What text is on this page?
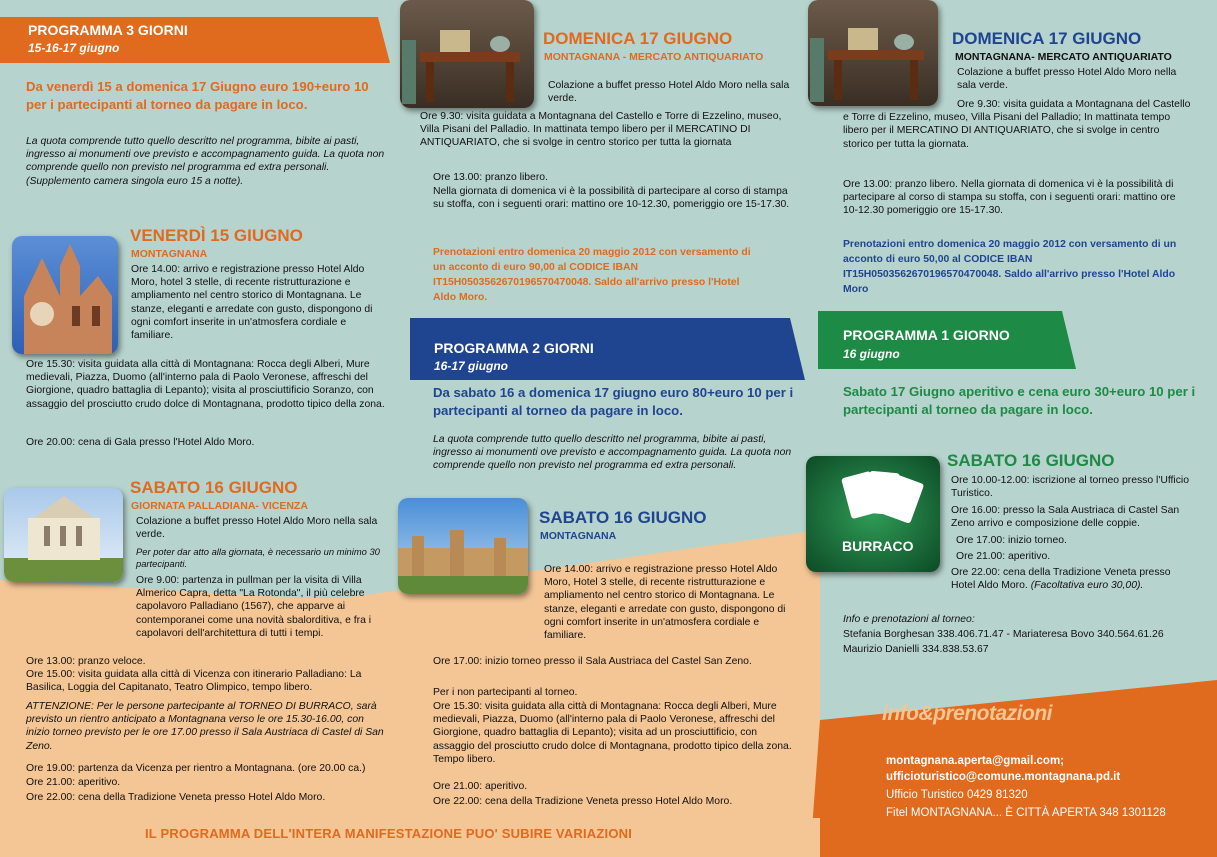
PROGRAMMA 3 GIORNI
15-16-17 giugno
Da venerdì 15 a domenica 17 Giugno euro 190+euro 10 per i partecipanti al torneo da pagare in loco.
La quota comprende tutto quello descritto nel programma, bibite ai pasti, ingresso ai monumenti ove previsto e accompagnamento guida. La quota non comprende quello non previsto nel programma ed extra personali. (Supplemento camera singola euro 15 a notte).
VENERDÌ 15 GIUGNO
MONTAGNANA
Ore 14.00: arrivo e registrazione presso Hotel Aldo Moro, hotel 3 stelle, di recente ristrutturazione e ampliamento nel centro storico di Montagnana. Le stanze, eleganti e arredate con gusto, dispongono di ogni comfort inserite in un'atmosfera cordiale e familiare.
Ore 15.30: visita guidata alla città di Montagnana: Rocca degli Alberi, Mure medievali, Piazza, Duomo (all'interno pala di Paolo Veronese, affreschi del Giorgione, quadro battaglia di Lepanto); visita al prosciuttificio Soranzo, con assaggio del prosciutto crudo dolce di Montagnana, prodotto tipico della zona.
Ore 20.00: cena di Gala presso l'Hotel Aldo Moro.
SABATO 16 GIUGNO
GIORNATA PALLADIANA- VICENZA
Colazione a buffet presso Hotel Aldo Moro nella sala verde.
Per poter dar atto alla giornata, è necessario un minimo 30 partecipanti.
Ore 9.00: partenza in pullman per la visita di Villa Almerico Capra, detta "La Rotonda", il più celebre capolavoro Palladiano (1567), che apparve ai contemporanei come una novità sbalorditiva, e fra i capolavori dell'architettura di tutti i tempi.
Ore 13.00: pranzo veloce.
Ore 15.00: visita guidata alla città di Vicenza con itinerario Palladiano: La Basilica, Loggia del Capitanato, Teatro Olimpico, tempo libero.
ATTENZIONE: Per le persone partecipante al TORNEO DI BURRACO, sarà previsto un rientro anticipato a Montagnana verso le ore 15.30-16.00, con inizio torneo previsto per le ore 17.00 presso il Sala Austriaca di Castel di San Zeno.
Ore 19.00: partenza da Vicenza per rientro a Montagnana. (ore 20.00 ca.)
Ore 21.00: aperitivo.
Ore 22.00: cena della Tradizione Veneta presso Hotel Aldo Moro.
DOMENICA 17 GIUGNO
MONTAGNANA - MERCATO ANTIQUARIATO
Colazione a buffet presso Hotel Aldo Moro nella sala verde.
Ore 9.30: visita guidata a Montagnana del Castello e Torre di Ezzelino, museo, Villa Pisani del Palladio. In mattinata tempo libero per il MERCATINO DI ANTIQUARIATO, che si svolge in centro storico per tutta la giornata
Ore 13.00: pranzo libero.
Nella giornata di domenica vi è la possibilità di partecipare al corso di stampa su stoffa, con i seguenti orari: mattino ore 10-12.30, pomeriggio ore 15-17.30.
Prenotazioni entro domenica 20 maggio 2012 con versamento di un acconto di euro 90,00 al CODICE IBAN IT15H0503562670196570470048. Saldo all'arrivo presso l'Hotel Aldo Moro.
PROGRAMMA 2 GIORNI
16-17 giugno
Da sabato 16 a domenica 17 giugno euro 80+euro 10 per i partecipanti al torneo da pagare in loco.
La quota comprende tutto quello descritto nel programma, bibite ai pasti, ingresso ai monumenti ove previsto e accompagnamento guida. La quota non comprende quello non previsto nel programma ed extra personali.
SABATO 16 GIUGNO
MONTAGNANA
Ore 14.00: arrivo e registrazione presso Hotel Aldo Moro, Hotel 3 stelle, di recente ristrutturazione e ampliamento nel centro storico di Montagnana. Le stanze, eleganti e arredate con gusto, dispongono di ogni comfort inserite in un'atmosfera cordiale e familiare.
Ore 17.00: inizio torneo presso il Sala Austriaca del Castel San Zeno.
Per i non partecipanti al torneo.
Ore 15.30: visita guidata alla città di Montagnana: Rocca degli Alberi, Mure medievali, Piazza, Duomo (all'interno pala di Paolo Veronese, affreschi del Giorgione, quadro battaglia di Lepanto); visita ad un prosciuttificio, con assaggio del prosciutto crudo dolce di Montagnana, prodotto tipico della zona. Tempo libero.
Ore 21.00: aperitivo.
Ore 22.00: cena della Tradizione Veneta presso Hotel Aldo Moro.
DOMENICA 17 GIUGNO
MONTAGNANA- MERCATO ANTIQUARIATO
Colazione a buffet presso Hotel Aldo Moro nella sala verde.
Ore 9.30: visita guidata a Montagnana del Castello e Torre di Ezzelino, museo, Villa Pisani del Palladio; In mattinata tempo libero per il MERCATINO DI ANTIQUARIATO, che si svolge in centro storico per tutta la giornata.
Ore 13.00: pranzo libero. Nella giornata di domenica vi è la possibilità di partecipare al corso di stampa su stoffa, con i seguenti orari: mattino ore 10-12.30 pomeriggio ore 15-17.30.
Prenotazioni entro domenica 20 maggio 2012 con versamento di un acconto di euro 50,00 al CODICE IBAN IT15H0503562670196570470048. Saldo all'arrivo presso l'Hotel Aldo Moro
PROGRAMMA 1 GIORNO
16 giugno
Sabato 17 Giugno aperitivo e cena euro 30+euro 10 per i partecipanti al torneo da pagare in loco.
BURRACO
SABATO 16 GIUGNO
Ore 10.00-12.00: iscrizione al torneo presso l'Ufficio Turistico.
Ore 16.00: presso la Sala Austriaca di Castel San Zeno arrivo e composizione delle coppie.
Ore 17.00: inizio torneo.
Ore 21.00: aperitivo.
Ore 22.00: cena della Tradizione Veneta presso Hotel Aldo Moro. (Facoltativa euro 30,00).
Info e prenotazioni al torneo:
Stefania Borghesan 338.406.71.47 - Mariateresa Bovo 340.564.61.26
Maurizio Danielli 334.838.53.67
info&prenotazioni
montagnana.aperta@gmail.com;
ufficioturistico@comune.montagnana.pd.it
Ufficio Turistico 0429 81320
Fitel MONTAGNANA... È CITTÀ APERTA 348 1301128
IL PROGRAMMA DELL'INTERA MANIFESTAZIONE PUO' SUBIRE VARIAZIONI
